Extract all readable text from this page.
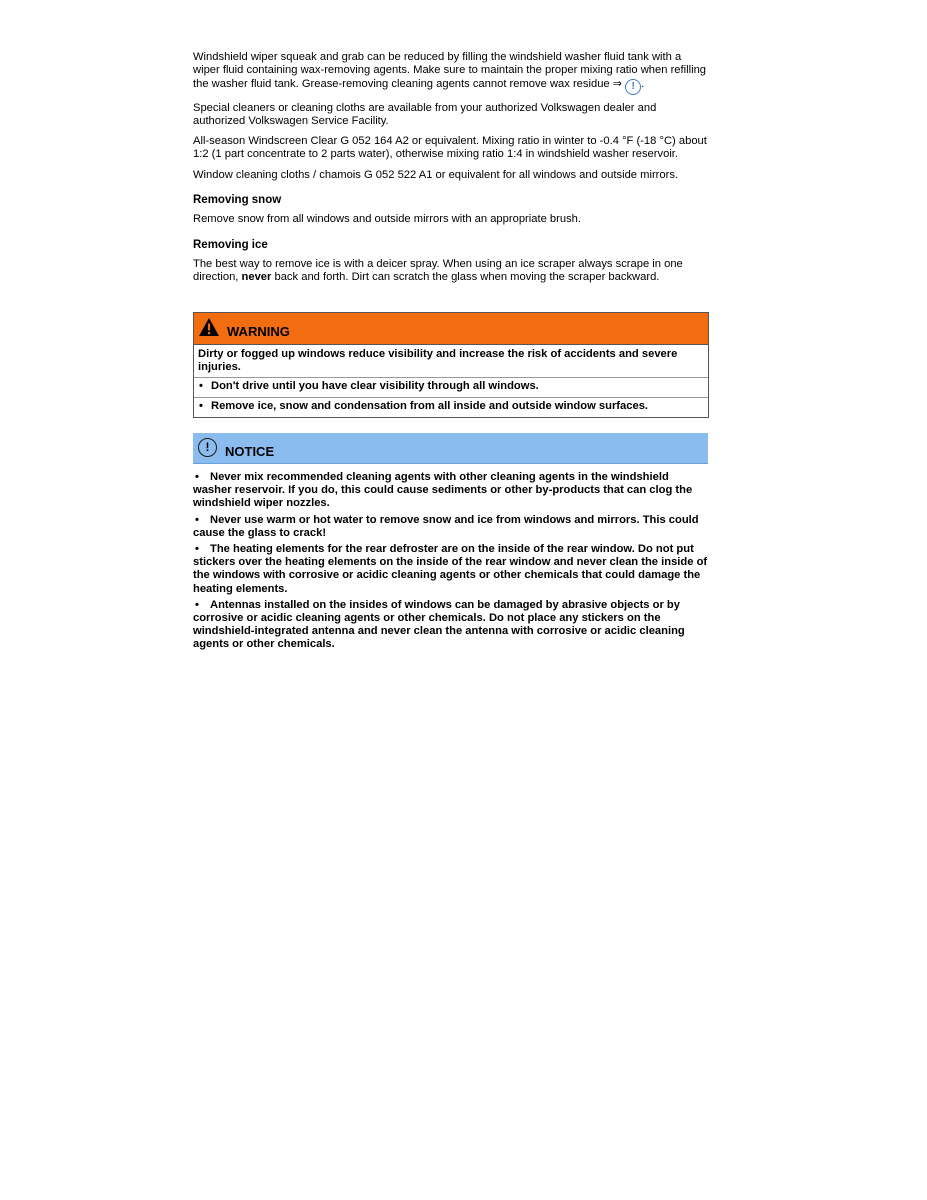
Windshield wiper squeak and grab can be reduced by filling the windshield washer fluid tank with a wiper fluid containing wax-removing agents. Make sure to maintain the proper mixing ratio when refilling the washer fluid tank. Grease-removing cleaning agents cannot remove wax residue ⇒ ! .

Special cleaners or cleaning cloths are available from your authorized Volkswagen dealer and authorized Volkswagen Service Facility.

All-season Windscreen Clear G 052 164 A2 or equivalent. Mixing ratio in winter to -0.4 °F (-18 °C) about 1:2 (1 part concentrate to 2 parts water), otherwise mixing ratio 1:4 in windshield washer reservoir.

Window cleaning cloths / chamois G 052 522 A1 or equivalent for all windows and outside mirrors.

Removing snow

Remove snow from all windows and outside mirrors with an appropriate brush.

Removing ice

The best way to remove ice is with a deicer spray. When using an ice scraper always scrape in one direction, never back and forth. Dirt can scratch the glass when moving the scraper backward.

WARNING
Dirty or fogged up windows reduce visibility and increase the risk of accidents and severe injuries.
• Don't drive until you have clear visibility through all windows.
• Remove ice, snow and condensation from all inside and outside window surfaces.
!	NOTICE
• Never mix recommended cleaning agents with other cleaning agents in the windshield washer reservoir. If you do, this could cause sediments or other by-products that can clog the windshield wiper nozzles.
• Never use warm or hot water to remove snow and ice from windows and mirrors. This could cause the glass to crack!
• The heating elements for the rear defroster are on the inside of the rear window. Do not put stickers over the heating elements on the inside of the rear window and never clean the inside of the windows with corrosive or acidic cleaning agents or other chemicals that could damage the heating elements.
• Antennas installed on the insides of windows can be damaged by abrasive objects or by corrosive or acidic cleaning agents or other chemicals. Do not place any stickers on the windshield-integrated antenna and never clean the antenna with corrosive or acidic cleaning agents or other chemicals.
